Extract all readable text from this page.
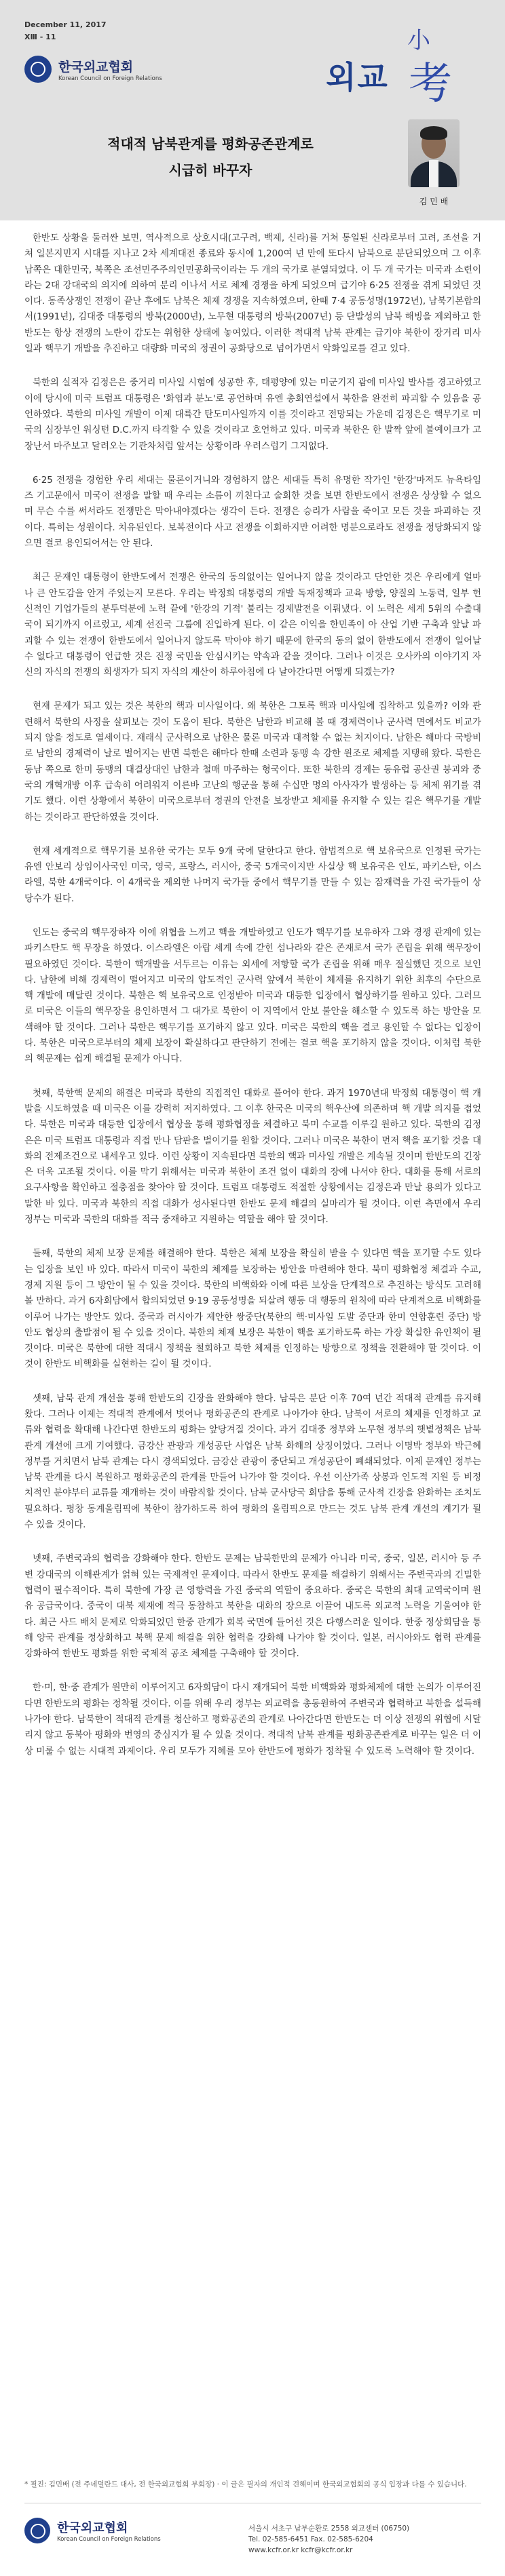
December 11, 2017
XⅢ - 11
한국외교협회
Korean Council on Foreign Relations
小
외교 考
적대적 남북관계를 평화공존관계로
시급히 바꾸자
김 민 배

한반도 상황을 둘러싼 보면, 역사적으로 상호시대(고구려, 백제, 신라)를 거쳐 통일된 신라로부터 고려, 조선을 거쳐 일본지민지 시대를 지나고 2차 세계대전 종료와 동시에 1,200여 년 만에 또다시 남북으로 분단되었으며 그 이후 남쪽은 대한민국, 북쪽은 조선민주주의인민공화국이라는 두 개의 국가로 분열되었다. 이 두 개 국가는 미국과 소련이라는 2대 강대국의 의지에 의하여 분리 이나서 서로 체제 경쟁을 하게 되었으며 급기야 6·25 전쟁을 겪게 되었던 것이다. 동족상쟁인 전쟁이 끝난 후에도 남북은 체제 경쟁을 지속하였으며, 한때 7·4 공동성명(1972년), 남북기본합의서(1991년), 김대중 대통령의 방북(2000년), 노무현 대통령의 방북(2007년) 등 단발성의 남북 해빙을 제외하고 한반도는 항상 전쟁의 노란이 감도는 위험한 상태에 놓여있다. 이러한 적대적 남북 관계는 급기야 북한이 장거리 미사일과 핵무기 개발을 추진하고 대량화 미국의 정권이 공화당으로 넘어가면서 악화일로를 걷고 있다.

북한의 실적자 김정은은 중거리 미사일 시험에 성공한 후, 태평양에 있는 미군기지 괌에 미사일 발사를 경고하였고 이에 당시에 미국 트럼프 대통령은 '화염과 분노'로 공언하며 유엔 총회연설에서 북한을 완전히 파괴할 수 있음을 공언하였다. 북한의 미사일 개발이 이제 대륙간 탄도미사일까지 이를 것이라고 전망되는 가운데 김정은은 핵무기로 미국의 심장부인 워싱턴 D.C.까지 타격할 수 있을 것이라고 호언하고 있다. 미국과 북한은 한 발짝 앞에 불예이크가 고장난서 마주보고 달려오는 기관차처럼 앞서는 상황이라 우려스럽기 그지없다.

6·25 전쟁을 경험한 우리 세대는 물론이거니와 경험하지 않은 세대들 특히 유명한 작가인 '한강'마저도 뉴욕타임즈 기고문에서 미국이 전쟁을 말할 때 우리는 소름이 끼친다고 술회한 것을 보면 한반도에서 전쟁은 상상할 수 없으며 무슨 수를 써서라도 전쟁만은 막아내야겠다는 생각이 든다. 전쟁은 승리가 사람을 죽이고 모든 것을 파괴하는 것이다. 특히는 성원이다. 치유된인다. 보복전이다 사고 전쟁을 이회하지만 어려한 명분으로라도 전쟁을 정당화되지 않으면 결코 용인되어서는 안 된다.

최근 문재인 대통령이 한반도에서 전쟁은 한국의 동의없이는 일어나지 않을 것이라고 단언한 것은 우리에게 얼마나 큰 안도감을 안겨 주었는지 모른다. 우리는 박정희 대통령의 개발 독재정책과 교육 방향, 양질의 노동력, 일부 헌신적인 기업가들의 분투덕분에 노력 끝에 '한강의 기적' 불리는 경제발전을 이뤄냈다. 이 노력은 세계 5위의 수출대국이 되기까지 이르렀고, 세계 선진국 그룹에 진입하게 된다. 이 같은 이익을 한민족이 아 산업 기반 구축과 앞날 파괴할 수 있는 전쟁이 한반도에서 일어나지 않도록 막아야 하기 때문에 한국의 동의 없이 한반도에서 전쟁이 일어날 수 없다고 대통령이 언급한 것은 진정 국민을 안심시키는 약속과 같을 것이다. 그러나 이것은 오사카의 이야기지 자신의 자식의 전쟁의 희생자가 되지 자식의 재산이 하루아침에 다 날아간다면 어떻게 되겠는가?

현재 문제가 되고 있는 것은 북한의 핵과 미사일이다. 왜 북한은 그토록 핵과 미사일에 집착하고 있을까? 이와 관련해서 북한의 사정을 살펴보는 것이 도움이 된다. 북한은 남한과 비교해 볼 때 경제력이나 군사력 면에서도 비교가 되지 않을 정도로 열세이다. 재래식 군사력으로 남한은 물론 미국과 대적할 수 없는 처지이다. 남한은 해마다 국방비로 남한의 경제력이 날로 벌어지는 반면 북한은 해마다 한때 소련과 동맹 속 강한 원조로 체제를 지탱해 왔다. 북한은 동남 쪽으로 한미 동맹의 대결상대인 남한과 철매 마주하는 형국이다. 또한 북한의 경제는 동유럽 공산권 붕괴와 중국의 개혁개방 이후 급속히 어려워져 이른바 고난의 행군을 통해 수십만 명의 아사자가 발생하는 등 체제 위기를 겪기도 했다. 이런 상황에서 북한이 미국으로부터 정권의 안전을 보장받고 체제를 유지할 수 있는 길은 핵무기를 개발하는 것이라고 판단하였을 것이다.

현재 세계적으로 핵무기를 보유한 국가는 모두 9개 국에 달한다고 한다. 합법적으로 핵 보유국으로 인정된 국가는 유엔 안보리 상임이사국인 미국, 영국, 프랑스, 러시아, 중국 5개국이지만 사실상 핵 보유국은 인도, 파키스탄, 이스라엘, 북한 4개국이다. 이 4개국을 제외한 나머지 국가들 중에서 핵무기를 만들 수 있는 잠재력을 가진 국가들이 상당수가 된다.

인도는 중국의 핵무장하자 이에 위협을 느끼고 핵을 개발하였고 인도가 핵무기를 보유하자 그와 경쟁 관계에 있는 파키스탄도 핵 무장을 하였다. 이스라엘은 아랍 세계 속에 갇힌 섬나라와 같은 존재로서 국가 존립을 위해 핵무장이 필요하였던 것이다. 북한이 핵개발을 서두르는 이유는 외세에 저항할 국가 존립을 위해 매우 절실했던 것으로 보인다. 남한에 비해 경제력이 떨어지고 미국의 압도적인 군사력 앞에서 북한이 체제를 유지하기 위한 최후의 수단으로 핵 개발에 매달린 것이다. 북한은 핵 보유국으로 인정받아 미국과 대등한 입장에서 협상하기를 원하고 있다. 그러므로 미국은 이들의 핵무장을 용인하면서 그 대가로 북한이 이 지역에서 안보 불안을 해소할 수 있도록 하는 방안을 모색해야 할 것이다. 그러나 북한은 핵무기를 포기하지 않고 있다. 미국은 북한의 핵을 결코 용인할 수 없다는 입장이다. 북한은 미국으로부터의 체제 보장이 확실하다고 판단하기 전에는 결코 핵을 포기하지 않을 것이다. 이처럼 북한의 핵문제는 쉽게 해결될 문제가 아니다.

첫째, 북한핵 문제의 해결은 미국과 북한의 직접적인 대화로 풀어야 한다. 과거 1970년대 박정희 대통령이 핵 개발을 시도하였을 때 미국은 이를 강력히 저지하였다. 그 이후 한국은 미국의 핵우산에 의존하며 핵 개발 의지를 접었다. 북한은 미국과 대등한 입장에서 협상을 통해 평화협정을 체결하고 북미 수교를 이루길 원하고 있다. 북한의 김정은은 미국 트럼프 대통령과 직접 만나 담판을 벌이기를 원할 것이다. 그러나 미국은 북한이 먼저 핵을 포기할 것을 대화의 전제조건으로 내세우고 있다. 이런 상황이 지속된다면 북한의 핵과 미사일 개발은 계속될 것이며 한반도의 긴장은 더욱 고조될 것이다. 이를 막기 위해서는 미국과 북한이 조건 없이 대화의 장에 나서야 한다. 대화를 통해 서로의 요구사항을 확인하고 절충점을 찾아야 할 것이다. 트럼프 대통령도 적절한 상황에서는 김정은과 만날 용의가 있다고 말한 바 있다. 미국과 북한의 직접 대화가 성사된다면 한반도 문제 해결의 실마리가 될 것이다. 이런 측면에서 우리 정부는 미국과 북한의 대화를 적극 중재하고 지원하는 역할을 해야 할 것이다.

둘째, 북한의 체제 보장 문제를 해결해야 한다. 북한은 체제 보장을 확실히 받을 수 있다면 핵을 포기할 수도 있다는 입장을 보인 바 있다. 따라서 미국이 북한의 체제를 보장하는 방안을 마련해야 한다. 북미 평화협정 체결과 수교, 경제 지원 등이 그 방안이 될 수 있을 것이다. 북한의 비핵화와 이에 따른 보상을 단계적으로 추진하는 방식도 고려해 볼 만하다. 과거 6자회담에서 합의되었던 9·19 공동성명을 되살려 행동 대 행동의 원칙에 따라 단계적으로 비핵화를 이루어 나가는 방안도 있다. 중국과 러시아가 제안한 쌍중단(북한의 핵·미사일 도발 중단과 한미 연합훈련 중단) 방안도 협상의 출발점이 될 수 있을 것이다. 북한의 체제 보장은 북한이 핵을 포기하도록 하는 가장 확실한 유인책이 될 것이다. 미국은 북한에 대한 적대시 정책을 철회하고 북한 체제를 인정하는 방향으로 정책을 전환해야 할 것이다. 이것이 한반도 비핵화를 실현하는 길이 될 것이다.

셋째, 남북 관계 개선을 통해 한반도의 긴장을 완화해야 한다. 남북은 분단 이후 70여 년간 적대적 관계를 유지해 왔다. 그러나 이제는 적대적 관계에서 벗어나 평화공존의 관계로 나아가야 한다. 남북이 서로의 체제를 인정하고 교류와 협력을 확대해 나간다면 한반도의 평화는 앞당겨질 것이다. 과거 김대중 정부와 노무현 정부의 햇볕정책은 남북 관계 개선에 크게 기여했다. 금강산 관광과 개성공단 사업은 남북 화해의 상징이었다. 그러나 이명박 정부와 박근혜 정부를 거치면서 남북 관계는 다시 경색되었다. 금강산 관광이 중단되고 개성공단이 폐쇄되었다. 이제 문재인 정부는 남북 관계를 다시 복원하고 평화공존의 관계를 만들어 나가야 할 것이다. 우선 이산가족 상봉과 인도적 지원 등 비정치적인 분야부터 교류를 재개하는 것이 바람직할 것이다. 남북 군사당국 회담을 통해 군사적 긴장을 완화하는 조치도 필요하다. 평창 동계올림픽에 북한이 참가하도록 하여 평화의 올림픽으로 만드는 것도 남북 관계 개선의 계기가 될 수 있을 것이다.

넷째, 주변국과의 협력을 강화해야 한다. 한반도 문제는 남북한만의 문제가 아니라 미국, 중국, 일본, 러시아 등 주변 강대국의 이해관계가 얽혀 있는 국제적인 문제이다. 따라서 한반도 문제를 해결하기 위해서는 주변국과의 긴밀한 협력이 필수적이다. 특히 북한에 가장 큰 영향력을 가진 중국의 역할이 중요하다. 중국은 북한의 최대 교역국이며 원유 공급국이다. 중국이 대북 제재에 적극 동참하고 북한을 대화의 장으로 이끌어 내도록 외교적 노력을 기울여야 한다. 최근 사드 배치 문제로 악화되었던 한중 관계가 회복 국면에 들어선 것은 다행스러운 일이다. 한중 정상회담을 통해 양국 관계를 정상화하고 북핵 문제 해결을 위한 협력을 강화해 나가야 할 것이다. 일본, 러시아와도 협력 관계를 강화하여 한반도 평화를 위한 국제적 공조 체제를 구축해야 할 것이다.

한·미, 한·중 관계가 원만히 이루어지고 6자회담이 다시 재개되어 북한 비핵화와 평화체제에 대한 논의가 이루어진다면 한반도의 평화는 정착될 것이다. 이를 위해 우리 정부는 외교력을 총동원하여 주변국과 협력하고 북한을 설득해 나가야 한다. 남북한이 적대적 관계를 청산하고 평화공존의 관계로 나아간다면 한반도는 더 이상 전쟁의 위협에 시달리지 않고 동북아 평화와 번영의 중심지가 될 수 있을 것이다. 적대적 남북 관계를 평화공존관계로 바꾸는 일은 더 이상 미룰 수 없는 시대적 과제이다. 우리 모두가 지혜를 모아 한반도에 평화가 정착될 수 있도록 노력해야 할 것이다.

* 필진: 김민배 (전 주네덜란드 대사, 전 한국외교협회 부회장) · 이 글은 필자의 개인적 견해이며 한국외교협회의 공식 입장과 다를 수 있습니다.
한국외교협회
Korean Council on Foreign Relations
서울시 서초구 남부순환로 2558 외교센터 (06750)
Tel. 02-585-6451 Fax. 02-585-6204
www.kcfr.or.kr kcfr@kcfr.or.kr
